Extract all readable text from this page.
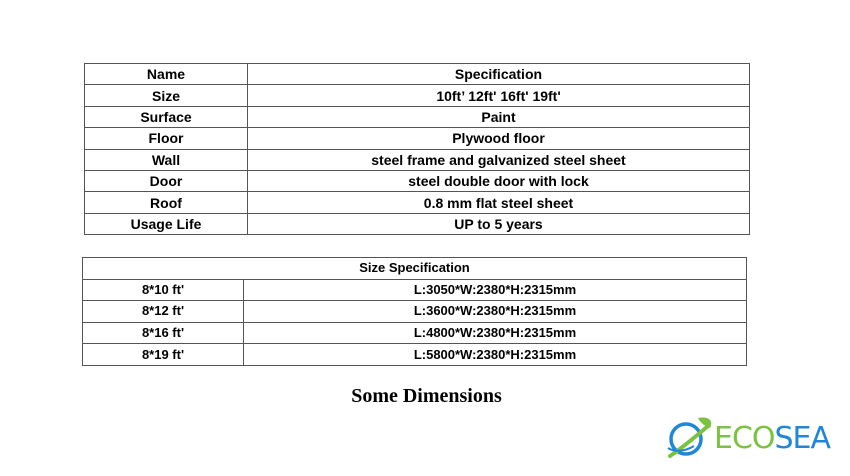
Name	Specification
Size	10ft’ 12ft' 16ft' 19ft'
Surface	Paint
Floor	Plywood floor
Wall	steel frame and galvanized steel sheet
Door	steel double door with lock
Roof	0.8 mm flat steel sheet
Usage Life	UP to 5 years
Size Specification	
8*10 ft'	L:3050*W:2380*H:2315mm
8*12 ft'	L:3600*W:2380*H:2315mm
8*16 ft'	L:4800*W:2380*H:2315mm
8*19 ft'	L:5800*W:2380*H:2315mm
Some Dimensions
ECOSEA
